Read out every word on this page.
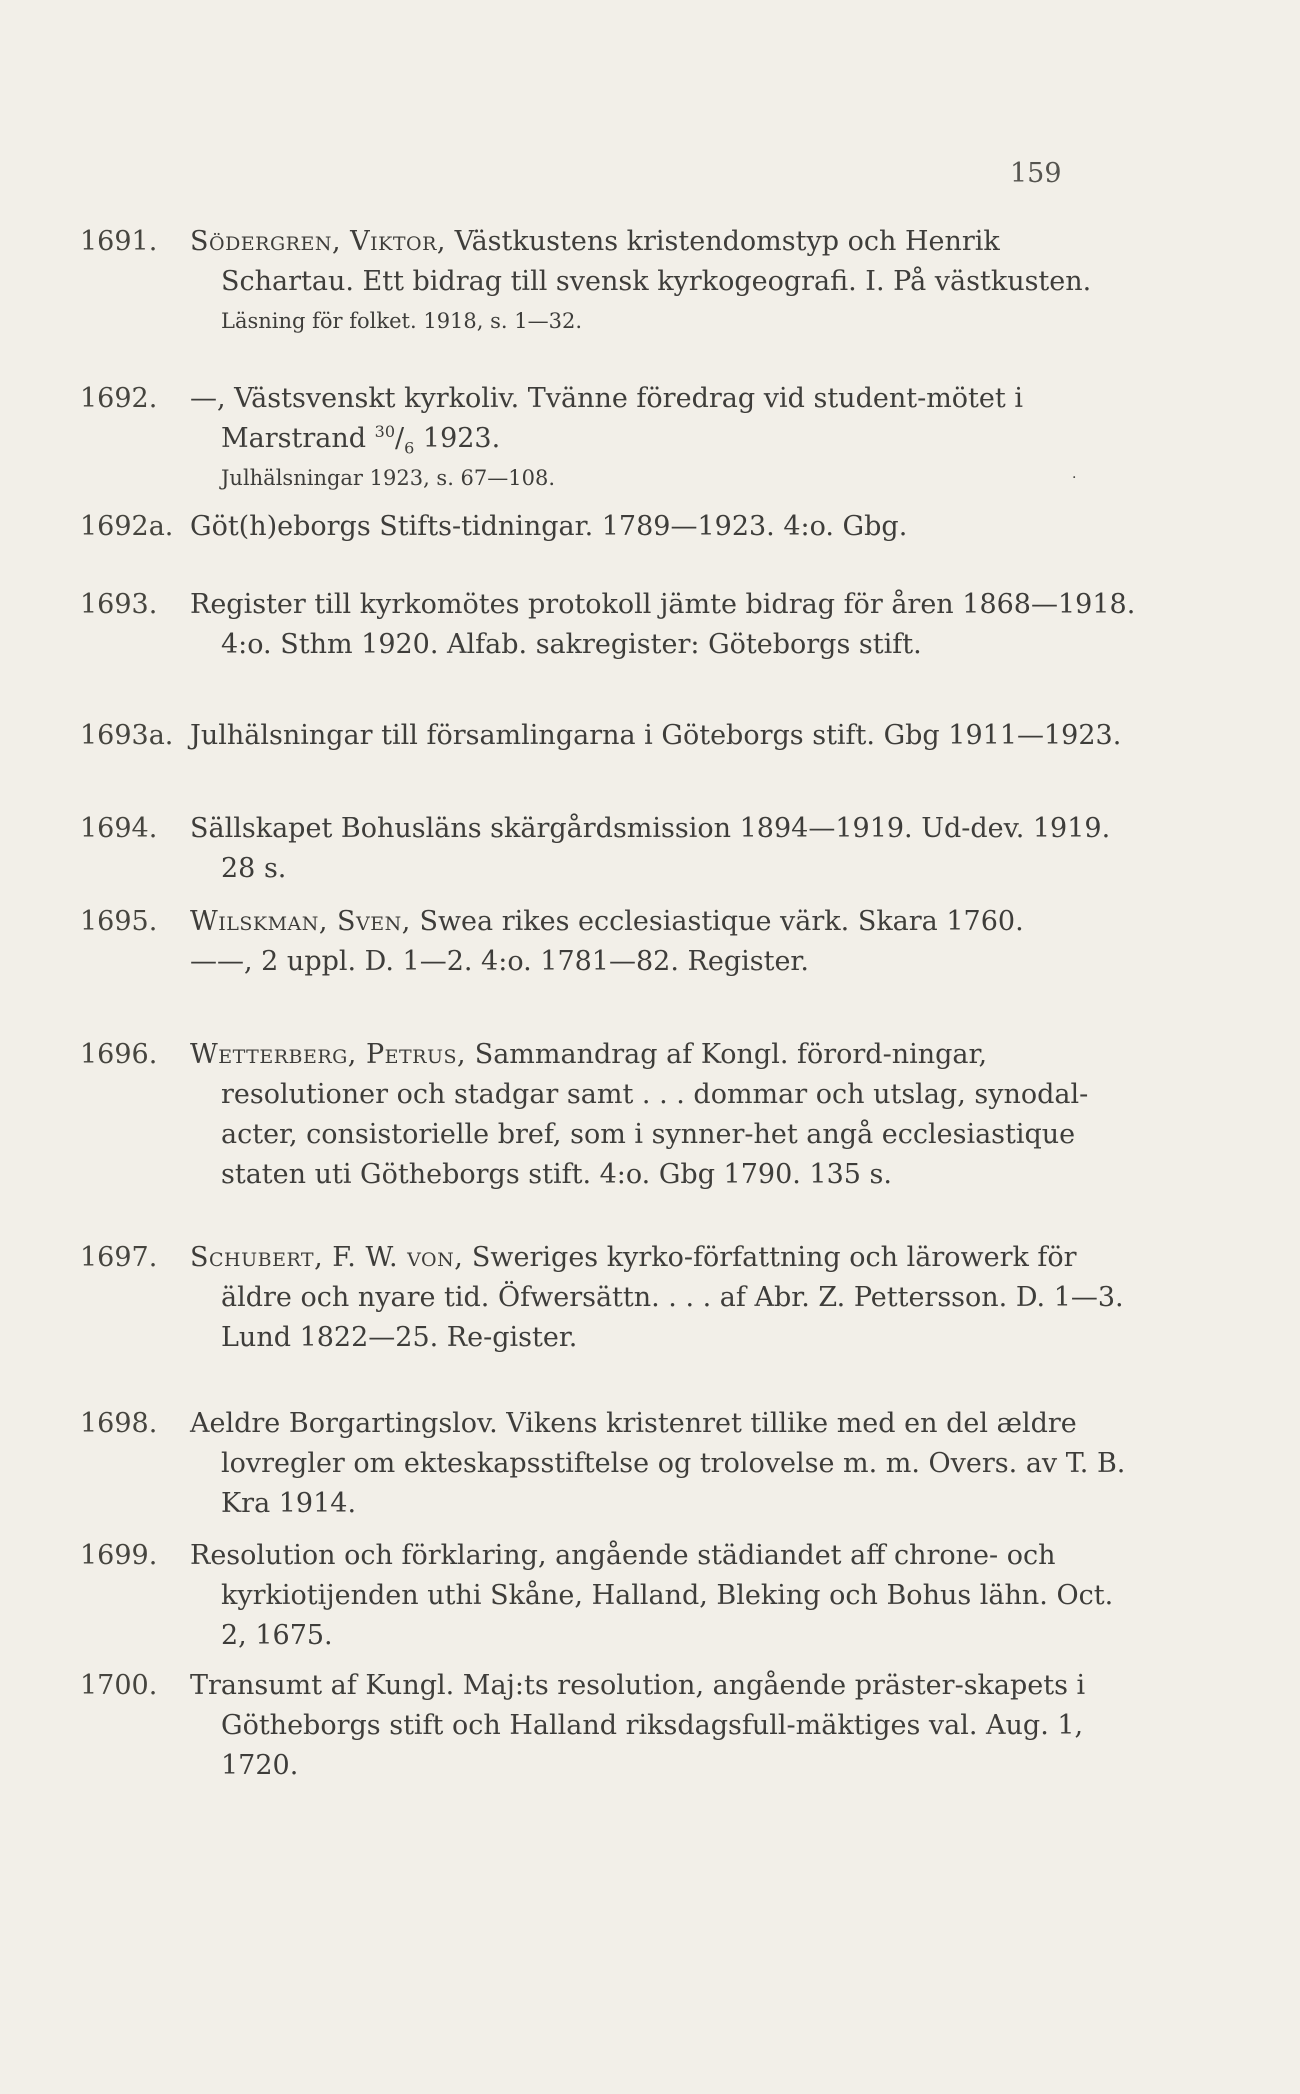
159
1691.	Södergren, Viktor, Västkustens kristendomstyp och Henrik Schartau. Ett bidrag till svensk kyrkogeografi. I. På västkusten.
Läsning för folket. 1918, s. 1—32.
1692.	—, Västsvenskt kyrkoliv. Tvänne föredrag vid student-mötet i Marstrand $^{30}/_6$ 1923.
Julhälsningar 1923, s. 67—108.
1692a. Göt(h)eborgs Stifts-tidningar. 1789—1923. 4:o. Gbg.
·
1693.	Register till kyrkomötes protokoll jämte bidrag för åren 1868—1918. 4:o. Sthm 1920. Alfab. sakregister: Göteborgs stift.
1693a. Julhälsningar till församlingarna i Göteborgs stift. Gbg 1911—1923.
1694.	Sällskapet Bohusläns skärgårdsmission 1894—1919. Ud-dev. 1919. 28 s.
1695.	Wilskman, Sven, Swea rikes ecclesiastique värk. Skara 1760.
——, 2 uppl. D. 1—2. 4:o. 1781—82. Register.
1696.	Wetterberg, Petrus, Sammandrag af Kongl. förord-ningar, resolutioner och stadgar samt . . . dommar och utslag, synodal-acter, consistorielle bref, som i synner-het angå ecclesiastique staten uti Götheborgs stift. 4:o. Gbg 1790. 135 s.
1697.	Schubert, F. W. von, Sweriges kyrko-författning och lärowerk för äldre och nyare tid. Öfwersättn. . . . af Abr. Z. Pettersson. D. 1—3. Lund 1822—25. Re-gister.
1698.	Aeldre Borgartingslov. Vikens kristenret tillike med en del ældre lovregler om ekteskapsstiftelse og trolovelse m. m. Overs. av T. B. Kra 1914.
1699.	Resolution och förklaring, angående städiandet aff chrone- och kyrkiotijenden uthi Skåne, Halland, Bleking och Bohus lähn. Oct. 2, 1675.
1700.	Transumt af Kungl. Maj:ts resolution, angående präster-skapets i Götheborgs stift och Halland riksdagsfull-mäktiges val. Aug. 1, 1720.
